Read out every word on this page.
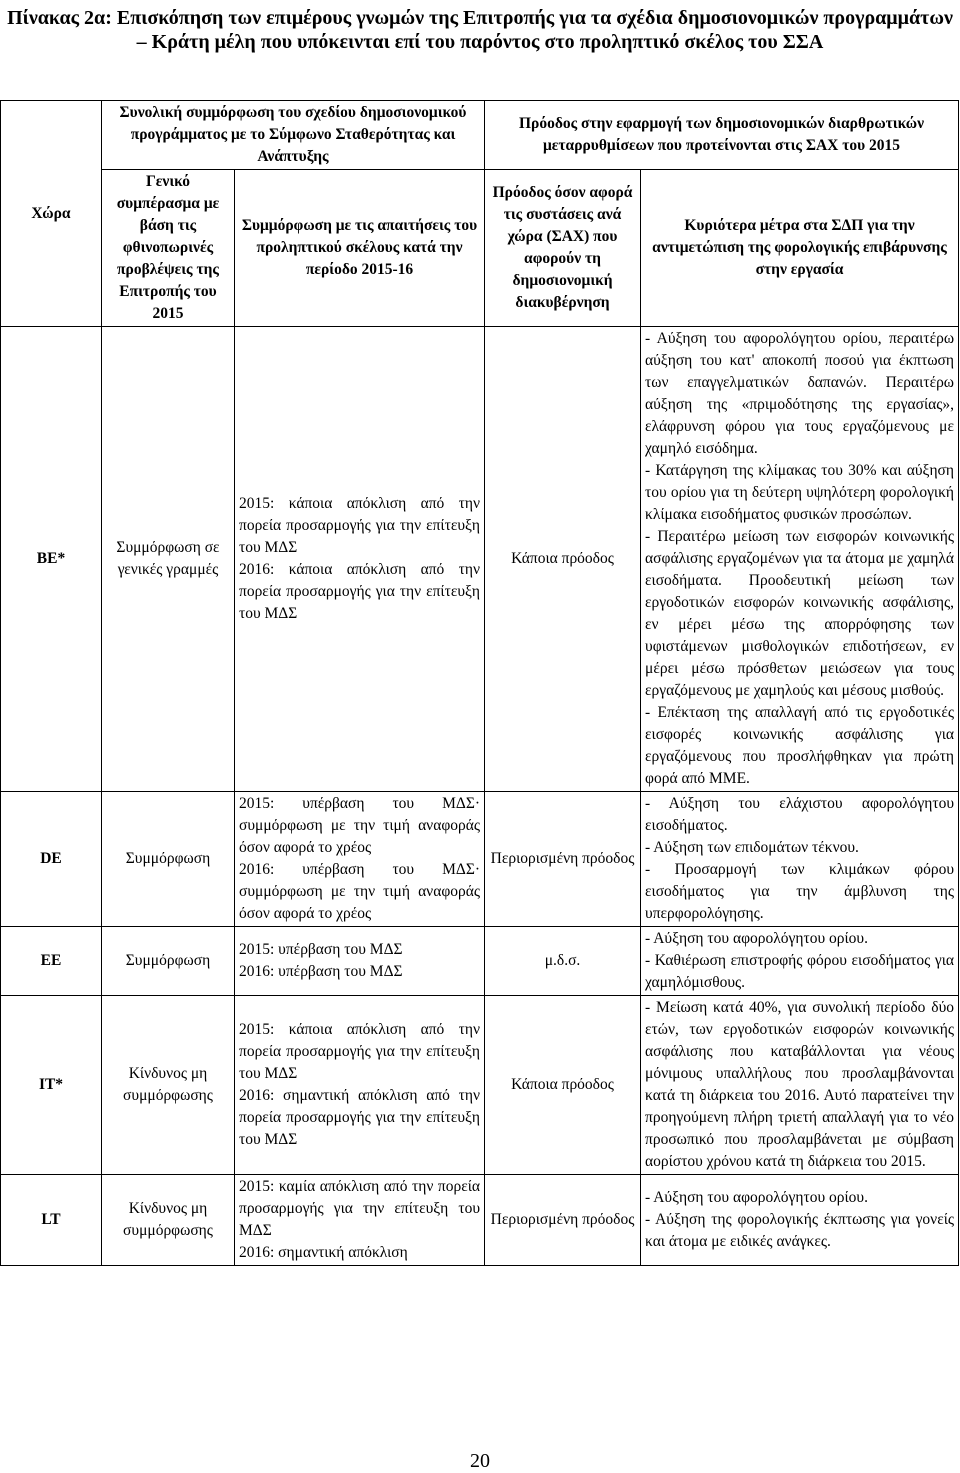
Πίνακας 2α: Επισκόπηση των επιμέρους γνωμών της Επιτροπής για τα σχέδια δημοσιονομικών προγραμμάτων – Κράτη μέλη που υπόκεινται επί του παρόντος στο προληπτικό σκέλος του ΣΣΑ
Χώρα	Συνολική συμμόρφωση του σχεδίου δημοσιονομικού προγράμματος με το Σύμφωνο Σταθερότητας και Ανάπτυξης		Πρόοδος στην εφαρμογή των δημοσιονομικών διαρθρωτικών μεταρρυθμίσεων που προτείνονται στις ΣΑΧ του 2015	
	Γενικό συμπέρασμα με βάση τις φθινοπωρινές προβλέψεις της Επιτροπής του 2015	Συμμόρφωση με τις απαιτήσεις του προληπτικού σκέλους κατά την περίοδο 2015-16	Πρόοδος όσον αφορά τις συστάσεις ανά χώρα (ΣΑΧ) που αφορούν τη δημοσιονομική διακυβέρνηση	Κυριότερα μέτρα στα ΣΔΠ για την αντιμετώπιση της φορολογικής επιβάρυνσης στην εργασία
BE*	Συμμόρφωση σε γενικές γραμμές	2015: κάποια απόκλιση από την πορεία προσαρμογής για την επίτευξη του ΜΔΣ
2016: κάποια απόκλιση από την πορεία προσαρμογής για την επίτευξη του ΜΔΣ	Κάποια πρόοδος	- Αύξηση του αφορολόγητου ορίου, περαιτέρω αύξηση του κατ' αποκοπή ποσού για έκπτωση των επαγγελματικών δαπανών. Περαιτέρω αύξηση της «πριμοδότησης της εργασίας», ελάφρυνση φόρου για τους εργαζόμενους με χαμηλό εισόδημα.
- Κατάργηση της κλίμακας του 30% και αύξηση του ορίου για τη δεύτερη υψηλότερη φορολογική κλίμακα εισοδήματος φυσικών προσώπων.
- Περαιτέρω μείωση των εισφορών κοινωνικής ασφάλισης εργαζομένων για τα άτομα με χαμηλά εισοδήματα. Προοδευτική μείωση των εργοδοτικών εισφορών κοινωνικής ασφάλισης, εν μέρει μέσω της απορρόφησης των υφιστάμενων μισθολογικών επιδοτήσεων, εν μέρει μέσω πρόσθετων μειώσεων για τους εργαζόμενους με χαμηλούς και μέσους μισθούς.
- Επέκταση της απαλλαγή από τις εργοδοτικές εισφορές κοινωνικής ασφάλισης για εργαζόμενους που προσλήφθηκαν για πρώτη φορά από ΜΜΕ.

DE	Συμμόρφωση	2015: υπέρβαση του ΜΔΣ· συμμόρφωση με την τιμή αναφοράς όσον αφορά το χρέος
2016: υπέρβαση του ΜΔΣ· συμμόρφωση με την τιμή αναφοράς όσον αφορά το χρέος	Περιορισμένη πρόοδος	- Αύξηση του ελάχιστου αφορολόγητου εισοδήματος.
- Αύξηση των επιδομάτων τέκνου.
- Προσαρμογή των κλιμάκων φόρου εισοδήματος για την άμβλυνση της υπερφορολόγησης.

EE	Συμμόρφωση	2015: υπέρβαση του ΜΔΣ
2016: υπέρβαση του ΜΔΣ	μ.δ.σ.	- Αύξηση του αφορολόγητου ορίου.
- Καθιέρωση επιστροφής φόρου εισοδήματος για χαμηλόμισθους.

IT*	Κίνδυνος μη συμμόρφωσης	2015: κάποια απόκλιση από την πορεία προσαρμογής για την επίτευξη του ΜΔΣ
2016: σημαντική απόκλιση από την πορεία προσαρμογής για την επίτευξη του ΜΔΣ	Κάποια πρόοδος	- Μείωση κατά 40%, για συνολική περίοδο δύο ετών, των εργοδοτικών εισφορών κοινωνικής ασφάλισης που καταβάλλονται για νέους μόνιμους υπαλλήλους που προσλαμβάνονται κατά τη διάρκεια του 2016. Αυτό παρατείνει την προηγούμενη πλήρη τριετή απαλλαγή για το νέο προσωπικό που προσλαμβάνεται με σύμβαση αορίστου χρόνου κατά τη διάρκεια του 2015.

LT	Κίνδυνος μη συμμόρφωσης	2015: καμία απόκλιση από την πορεία προσαρμογής για την επίτευξη του ΜΔΣ
2016: σημαντική απόκλιση	Περιορισμένη πρόοδος	- Αύξηση του αφορολόγητου ορίου.
- Αύξηση της φορολογικής έκπτωσης για γονείς και άτομα με ειδικές ανάγκες.
20
